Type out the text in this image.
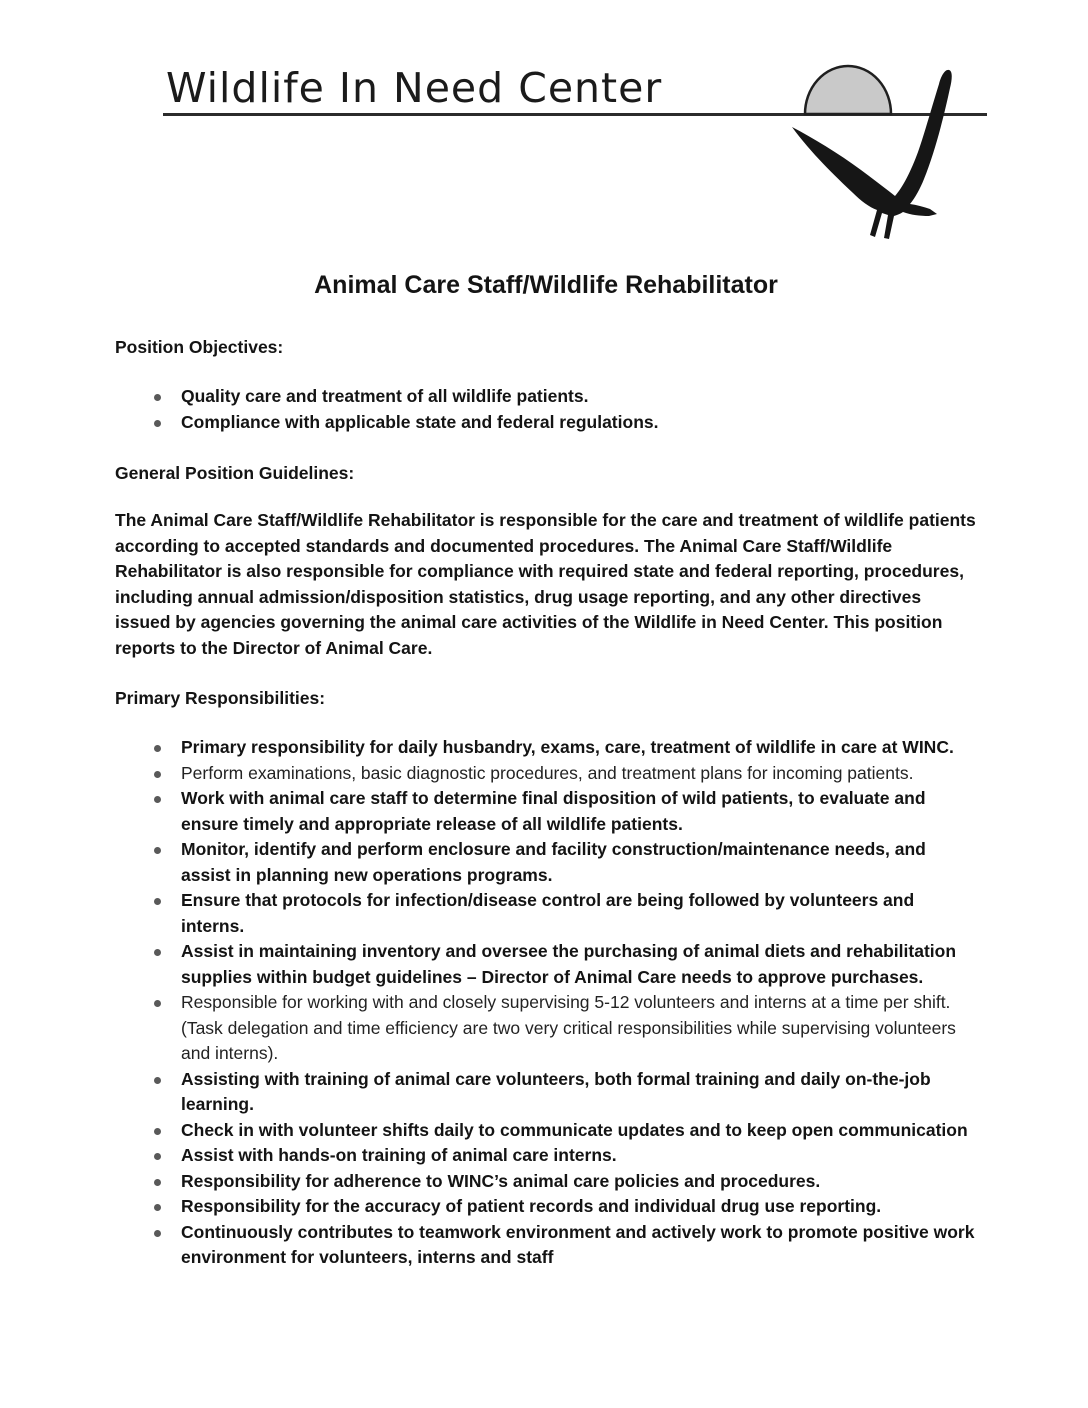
Wildlife In Need Center
Animal Care Staff/Wildlife Rehabilitator
Position Objectives:
Quality care and treatment of all wildlife patients.
Compliance with applicable state and federal regulations.
General Position Guidelines:

The Animal Care Staff/Wildlife Rehabilitator is responsible for the care and treatment of wildlife patients according to accepted standards and documented procedures. The Animal Care Staff/Wildlife Rehabilitator is also responsible for compliance with required state and federal reporting, procedures, including annual admission/disposition statistics, drug usage reporting, and any other directives issued by agencies governing the animal care activities of the Wildlife in Need Center. This position reports to the Director of Animal Care.

Primary Responsibilities:
Primary responsibility for daily husbandry, exams, care, treatment of wildlife in care at WINC.
Perform examinations, basic diagnostic procedures, and treatment plans for incoming patients.
Work with animal care staff to determine final disposition of wild patients, to evaluate and ensure timely and appropriate release of all wildlife patients.
Monitor, identify and perform enclosure and facility construction/maintenance needs, and assist in planning new operations programs.
Ensure that protocols for infection/disease control are being followed by volunteers and interns.
Assist in maintaining inventory and oversee the purchasing of animal diets and rehabilitation supplies within budget guidelines – Director of Animal Care needs to approve purchases.
Responsible for working with and closely supervising 5-12 volunteers and interns at a time per shift. (Task delegation and time efficiency are two very critical responsibilities while supervising volunteers and interns).
Assisting with training of animal care volunteers, both formal training and daily on-the-job learning.
Check in with volunteer shifts daily to communicate updates and to keep open communication
Assist with hands-on training of animal care interns.
Responsibility for adherence to WINC’s animal care policies and procedures.
Responsibility for the accuracy of patient records and individual drug use reporting.
Continuously contributes to teamwork environment and actively work to promote positive work environment for volunteers, interns and staff
